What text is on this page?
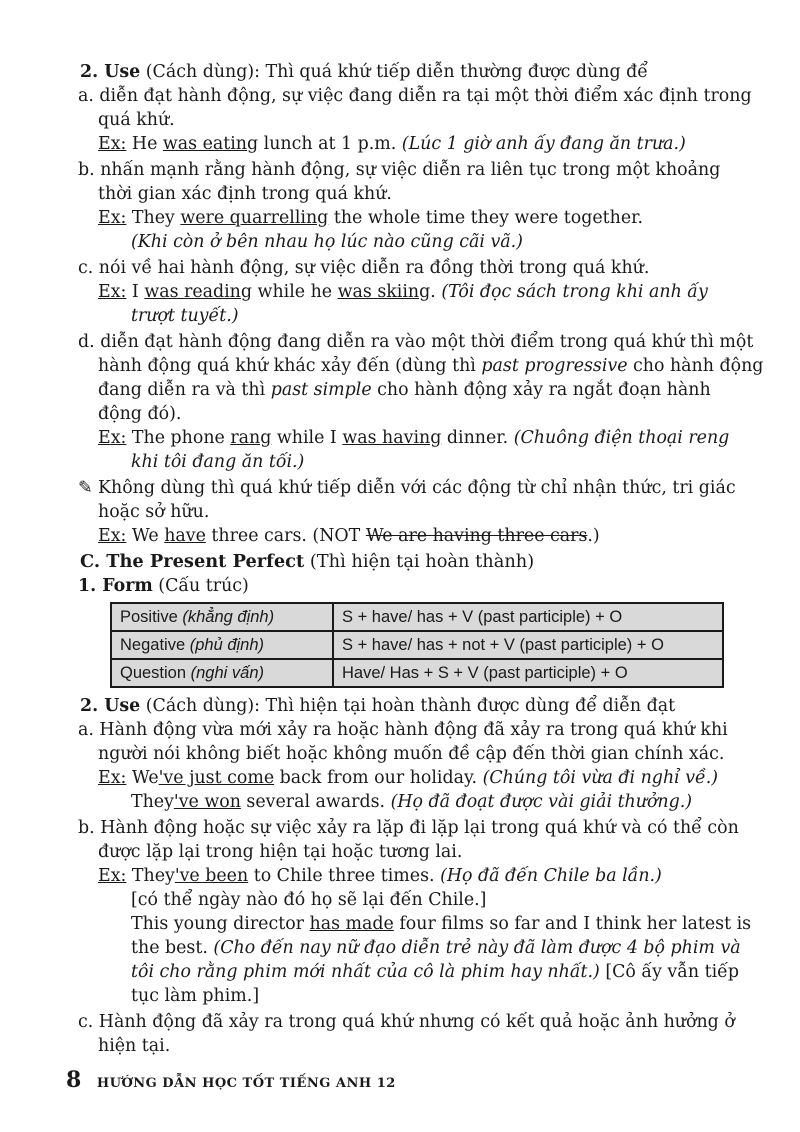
2. Use (Cách dùng): Thì quá khứ tiếp diễn thường được dùng để
a. diễn đạt hành động, sự việc đang diễn ra tại một thời điểm xác định trong
quá khứ.
Ex: He was eating lunch at 1 p.m. (Lúc 1 giờ anh ấy đang ăn trưa.)
b. nhấn mạnh rằng hành động, sự việc diễn ra liên tục trong một khoảng
thời gian xác định trong quá khứ.
Ex: They were quarrelling the whole time they were together.
(Khi còn ở bên nhau họ lúc nào cũng cãi vã.)
c. nói về hai hành động, sự việc diễn ra đồng thời trong quá khứ.
Ex: I was reading while he was skiing. (Tôi đọc sách trong khi anh ấy
trượt tuyết.)
d. diễn đạt hành động đang diễn ra vào một thời điểm trong quá khứ thì một
hành động quá khứ khác xảy đến (dùng thì past progressive cho hành động
đang diễn ra và thì past simple cho hành động xảy ra ngắt đoạn hành
động đó).
Ex: The phone rang while I was having dinner. (Chuông điện thoại reng
khi tôi đang ăn tối.)
✎ Không dùng thì quá khứ tiếp diễn với các động từ chỉ nhận thức, tri giác
hoặc sở hữu.
Ex: We have three cars. (NOT We are having three cars.)
C. The Present Perfect (Thì hiện tại hoàn thành)
1. Form (Cấu trúc)
Positive (khẳng định)	S + have/ has + V (past participle) + O
Negative (phủ định)	S + have/ has + not + V (past participle) + O
Question (nghi vấn)	Have/ Has + S + V (past participle) + O
2. Use (Cách dùng): Thì hiện tại hoàn thành được dùng để diễn đạt
a. Hành động vừa mới xảy ra hoặc hành động đã xảy ra trong quá khứ khi
người nói không biết hoặc không muốn đề cập đến thời gian chính xác.
Ex: We've just come back from our holiday. (Chúng tôi vừa đi nghỉ về.)
They've won several awards. (Họ đã đoạt được vài giải thưởng.)
b. Hành động hoặc sự việc xảy ra lặp đi lặp lại trong quá khứ và có thể còn
được lặp lại trong hiện tại hoặc tương lai.
Ex: They've been to Chile three times. (Họ đã đến Chile ba lần.)
[có thể ngày nào đó họ sẽ lại đến Chile.]
This young director has made four films so far and I think her latest is
the best. (Cho đến nay nữ đạo diễn trẻ này đã làm được 4 bộ phim và
tôi cho rằng phim mới nhất của cô là phim hay nhất.) [Cô ấy vẫn tiếp
tục làm phim.]
c. Hành động đã xảy ra trong quá khứ nhưng có kết quả hoặc ảnh hưởng ở
hiện tại.
8 HƯỚNG DẪN HỌC TỐT TIẾNG ANH 12
